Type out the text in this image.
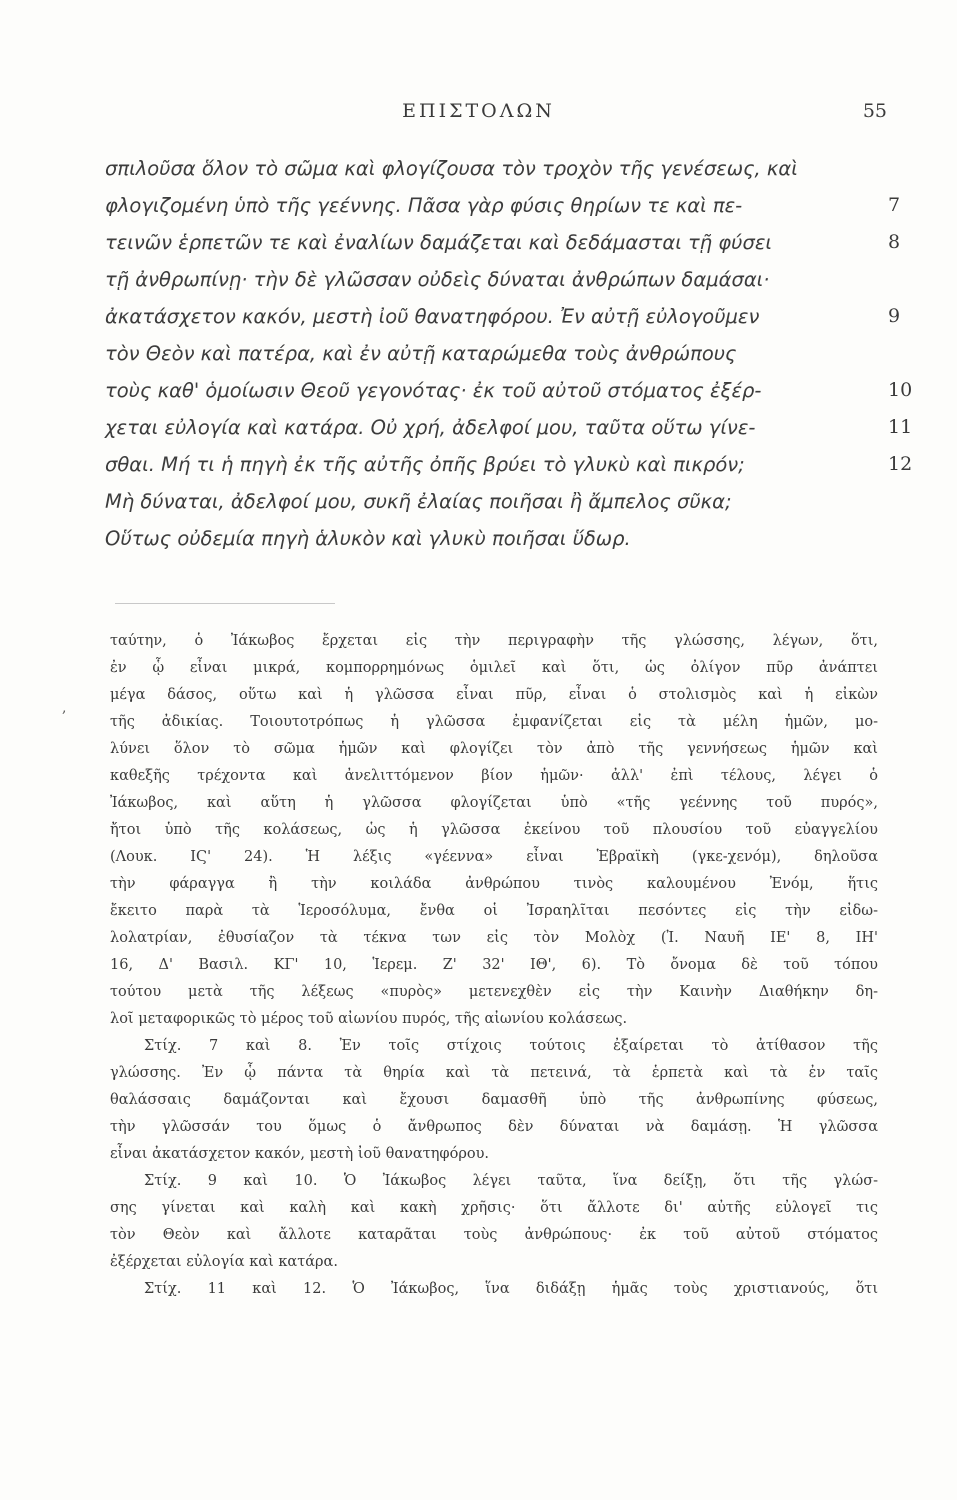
ΕΠΙΣΤΟΛΩΝ	55
σπιλοῦσα ὅλον τὸ σῶμα καὶ φλογίζουσα τὸν τροχὸν τῆς γενέσεως, καὶ
φλογιζομένη ὑπὸ τῆς γεέννης. Πᾶσα γὰρ φύσις θηρίων τε καὶ πε-	7
τεινῶν ἑρπετῶν τε καὶ ἐναλίων δαμάζεται καὶ δεδάμασται τῇ φύσει	8
τῇ ἀνθρωπίνῃ· τὴν δὲ γλῶσσαν οὐδεὶς δύναται ἀνθρώπων δαμάσαι·
ἀκατάσχετον κακόν, μεστὴ ἰοῦ θανατηφόρου. Ἐν αὐτῇ εὐλογοῦμεν	9
τὸν Θεὸν καὶ πατέρα, καὶ ἐν αὐτῇ καταρώμεθα τοὺς ἀνθρώπους
τοὺς καθ' ὁμοίωσιν Θεοῦ γεγονότας· ἐκ τοῦ αὐτοῦ στόματος ἐξέρ-	10
χεται εὐλογία καὶ κατάρα. Οὐ χρή, ἀδελφοί μου, ταῦτα οὕτω γίνε-	11
σθαι. Μή τι ἡ πηγὴ ἐκ τῆς αὐτῆς ὀπῆς βρύει τὸ γλυκὺ καὶ πικρόν;	12
Μὴ δύναται, ἀδελφοί μου, συκῆ ἐλαίας ποιῆσαι ἢ ἄμπελος σῦκα;
Οὕτως οὐδεμία πηγὴ ἁλυκὸν καὶ γλυκὺ ποιῆσαι ὕδωρ.
,
ταύτην, ὁ Ἰάκωβος ἔρχεται εἰς τὴν περιγραφὴν τῆς γλώσσης, λέγων, ὅτι,
ἐν ᾧ εἶναι μικρά, κομπορρημόνως ὁμιλεῖ καὶ ὅτι, ὡς ὀλίγον πῦρ ἀνάπτει
μέγα δάσος, οὕτω καὶ ἡ γλῶσσα εἶναι πῦρ, εἶναι ὁ στολισμὸς καὶ ἡ εἰκὼν
τῆς ἀδικίας. Τοιουτοτρόπως ἡ γλῶσσα ἐμφανίζεται εἰς τὰ μέλη ἡμῶν, μο-
λύνει ὅλον τὸ σῶμα ἡμῶν καὶ φλογίζει τὸν ἀπὸ τῆς γεννήσεως ἡμῶν καὶ
καθεξῆς τρέχοντα καὶ ἀνελιττόμενον βίον ἡμῶν· ἀλλ' ἐπὶ τέλους, λέγει ὁ
Ἰάκωβος, καὶ αὕτη ἡ γλῶσσα φλογίζεται ὑπὸ «τῆς γεέννης τοῦ πυρός»,
ἤτοι ὑπὸ τῆς κολάσεως, ὡς ἡ γλῶσσα ἐκείνου τοῦ πλουσίου τοῦ εὐαγγελίου
(Λουκ. ΙϚ' 24). Ἡ λέξις «γέεννα» εἶναι Ἑβραϊκὴ (γκε-χενόμ), δηλοῦσα
τὴν φάραγγα ἢ τὴν κοιλάδα ἀνθρώπου τινὸς καλουμένου Ἐνόμ, ἥτις
ἔκειτο παρὰ τὰ Ἱεροσόλυμα, ἔνθα οἱ Ἰσραηλῖται πεσόντες εἰς τὴν εἰδω-
λολατρίαν, ἐθυσίαζον τὰ τέκνα των εἰς τὸν Μολὸχ (Ἰ. Ναυῆ ΙΕ' 8, ΙΗ'
16, Δ' Βασιλ. ΚΓ' 10, Ἱερεμ. Ζ' 32' ΙΘ', 6). Τὸ ὄνομα δὲ τοῦ τόπου
τούτου μετὰ τῆς λέξεως «πυρὸς» μετενεχθὲν εἰς τὴν Καινὴν Διαθήκην δη-
λοῖ μεταφορικῶς τὸ μέρος τοῦ αἰωνίου πυρός, τῆς αἰωνίου κολάσεως.
Στίχ. 7 καὶ 8. Ἐν τοῖς στίχοις τούτοις ἐξαίρεται τὸ ἀτίθασον τῆς
γλώσσης. Ἐν ᾧ πάντα τὰ θηρία καὶ τὰ πετεινά, τὰ ἑρπετὰ καὶ τὰ ἐν ταῖς
θαλάσσαις δαμάζονται καὶ ἔχουσι δαμασθῆ ὑπὸ τῆς ἀνθρωπίνης φύσεως,
τὴν γλῶσσάν του ὅμως ὁ ἄνθρωπος δὲν δύναται νὰ δαμάσῃ. Ἡ γλῶσσα
εἶναι ἀκατάσχετον κακόν, μεστὴ ἰοῦ θανατηφόρου.
Στίχ. 9 καὶ 10. Ὁ Ἰάκωβος λέγει ταῦτα, ἵνα δείξῃ, ὅτι τῆς γλώσ-
σης γίνεται καὶ καλὴ καὶ κακὴ χρῆσις· ὅτι ἄλλοτε δι' αὐτῆς εὐλογεῖ τις
τὸν Θεὸν καὶ ἄλλοτε καταρᾶται τοὺς ἀνθρώπους· ἐκ τοῦ αὐτοῦ στόματος
ἐξέρχεται εὐλογία καὶ κατάρα.
Στίχ. 11 καὶ 12. Ὁ Ἰάκωβος, ἵνα διδάξῃ ἡμᾶς τοὺς χριστιανούς, ὅτι
